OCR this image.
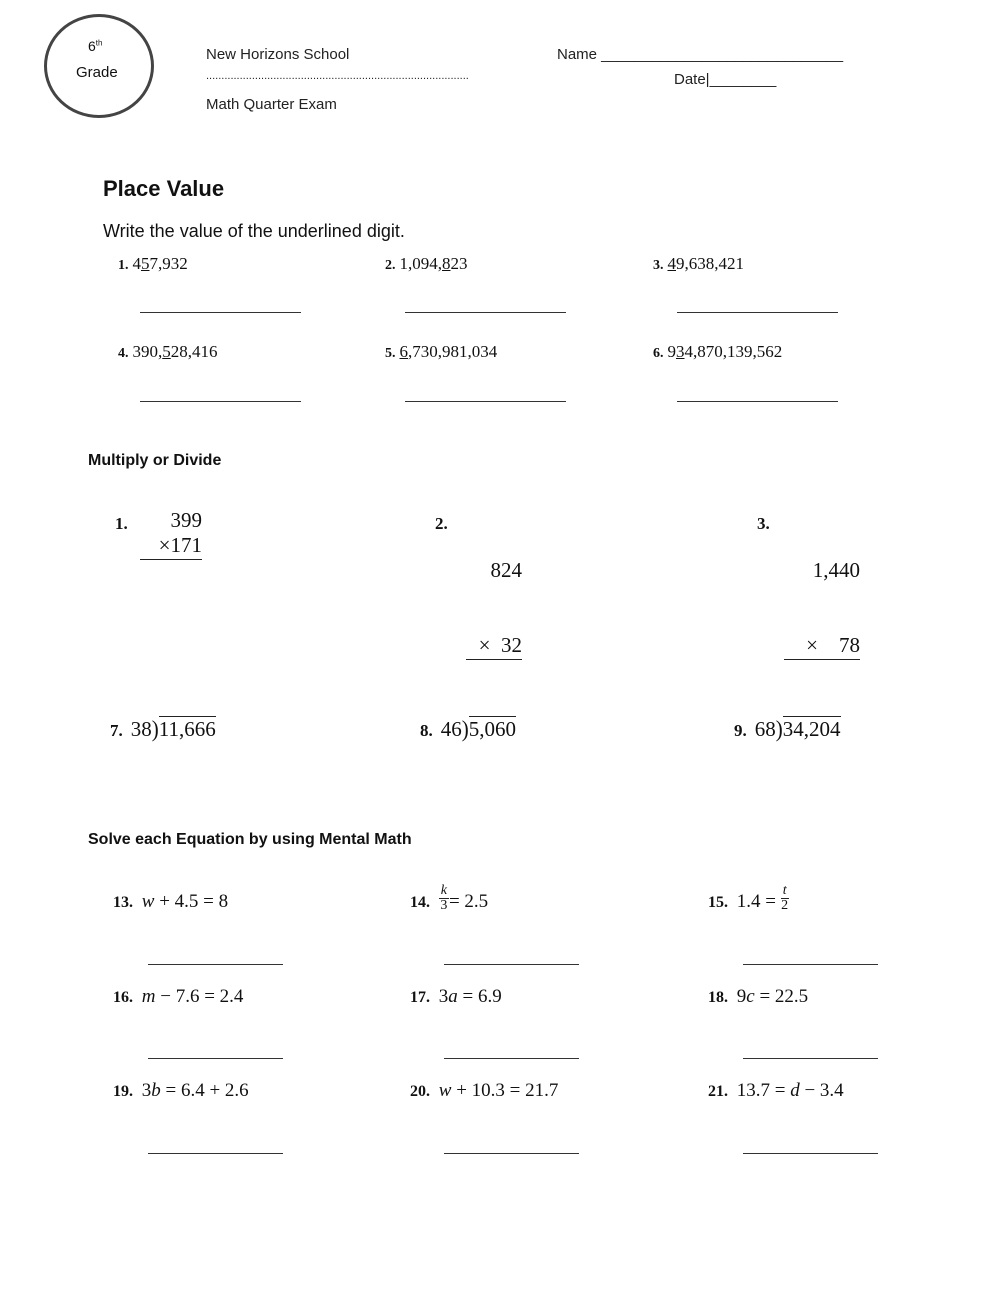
6th
Grade
New Horizons School
......................................................................................
Math Quarter Exam
Name _____________________________
Date|________
Place Value
Write the value of the underlined digit.
1. 457,932	2. 1,094,823	3. 49,638,421
4. 390,528,416	5. 6,730,981,034	6. 934,870,139,562
Multiply or Divide
1.	399
×171
2.

824

×  32

3.

1,440

×    78

7. 38)11,666	8. 46)5,060	9. 68)34,204
Solve each Equation by using Mental Math
13. w + 4.5 = 8	14. $\frac{k}{3} = 2.5$	15. $1.4 = \frac{t}{2}$
16. m − 7.6 = 2.4	17. 3a = 6.9	18. 9c = 22.5
19. 3b = 6.4 + 2.6	20. w + 10.3 = 21.7	21. 13.7 = d − 3.4
